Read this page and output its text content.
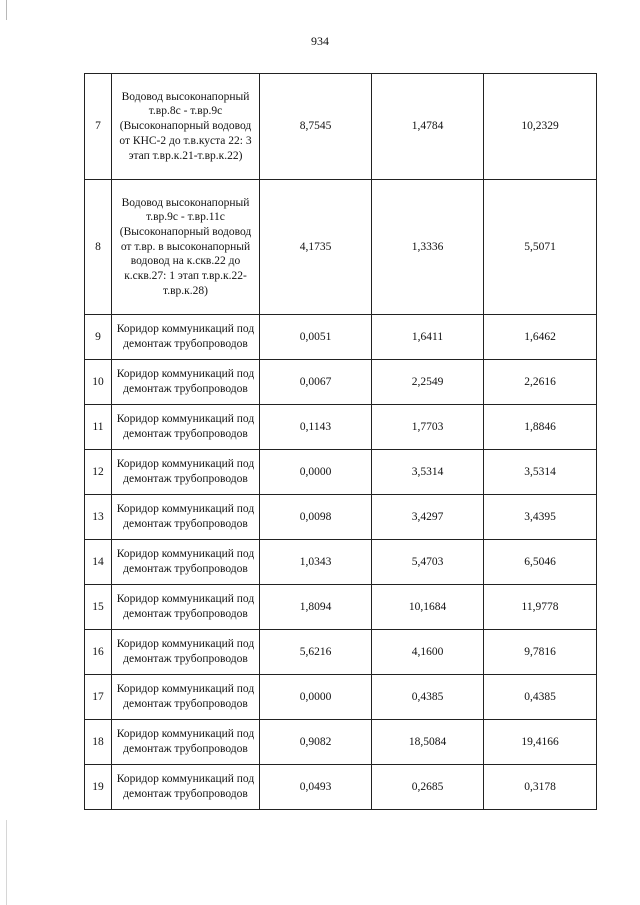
934
7	Водовод высоконапорный т.вр.8с - т.вр.9с (Высоконапорный водовод от КНС-2 до т.в.куста 22: 3 этап т.вр.к.21-т.вр.к.22)	8,7545	1,4784	10,2329
8	Водовод высоконапорный т.вр.9с - т.вр.11с (Высоконапорный водовод от т.вр. в высоконапорный водовод на к.скв.22 до к.скв.27: 1 этап т.вр.к.22-т.вр.к.28)	4,1735	1,3336	5,5071
9	Коридор коммуникаций под демонтаж трубопроводов	0,0051	1,6411	1,6462
10	Коридор коммуникаций под демонтаж трубопроводов	0,0067	2,2549	2,2616
11	Коридор коммуникаций под демонтаж трубопроводов	0,1143	1,7703	1,8846
12	Коридор коммуникаций под демонтаж трубопроводов	0,0000	3,5314	3,5314
13	Коридор коммуникаций под демонтаж трубопроводов	0,0098	3,4297	3,4395
14	Коридор коммуникаций под демонтаж трубопроводов	1,0343	5,4703	6,5046
15	Коридор коммуникаций под демонтаж трубопроводов	1,8094	10,1684	11,9778
16	Коридор коммуникаций под демонтаж трубопроводов	5,6216	4,1600	9,7816
17	Коридор коммуникаций под демонтаж трубопроводов	0,0000	0,4385	0,4385
18	Коридор коммуникаций под демонтаж трубопроводов	0,9082	18,5084	19,4166
19	Коридор коммуникаций под демонтаж трубопроводов	0,0493	0,2685	0,3178
